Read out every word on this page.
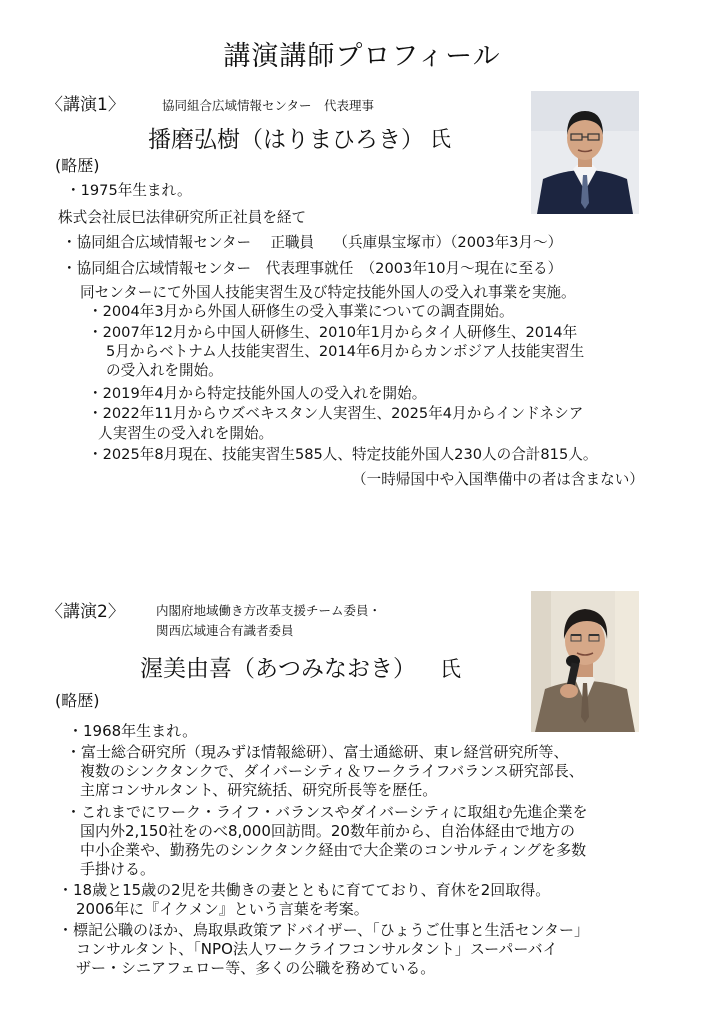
講演講師プロフィール
〈講演1〉	協同組合広域情報センター　代表理事
播磨弘樹（はりまひろき） 氏
(略歴)
・1975年生まれ。
株式会社辰巳法律研究所正社員を経て
・協同組合広域情報センター　 正職員　 （兵庫県宝塚市）（2003年3月～）
・協同組合広域情報センター　代表理事就任　（2003年10月～現在に至る）
同センターにて外国人技能実習生及び特定技能外国人の受入れ事業を実施。
・2004年3月から外国人研修生の受入事業についての調査開始。
・2007年12月から中国人研修生、2010年1月からタイ人研修生、2014年
5月からベトナム人技能実習生、2014年6月からカンボジア人技能実習生
の受入れを開始。
・2019年4月から特定技能外国人の受入れを開始。
・2022年11月からウズベキスタン人実習生、2025年4月からインドネシア
人実習生の受入れを開始。
・2025年8月現在、技能実習生585人、特定技能外国人230人の合計815人。
（一時帰国中や入国準備中の者は含まない）
〈講演2〉 内閣府地域働き方改革支援チーム委員・
関西広域連合有識者委員
渥美由喜（あつみなおき） 氏
(略歴)
・1968年生まれ。
・富士総合研究所（現みずほ情報総研）、富士通総研、東レ経営研究所等、
複数のシンクタンクで、ダイバーシティ＆ワークライフバランス研究部長、
主席コンサルタント、研究統括、研究所長等を歴任。
・これまでにワーク・ライフ・バランスやダイバーシティに取組む先進企業を
国内外2,150社をのべ8,000回訪問。20数年前から、自治体経由で地方の
中小企業や、勤務先のシンクタンク経由で大企業のコンサルティングを多数
手掛ける。
・18歳と15歳の2児を共働きの妻とともに育てており、育休を2回取得。
2006年に『イクメン』という言葉を考案。
・標記公職のほか、鳥取県政策アドバイザー、「ひょうご仕事と生活センター」
コンサルタント、「NPO法人ワークライフコンサルタント」スーパーバイ
ザー・シニアフェロー等、多くの公職を務めている。
